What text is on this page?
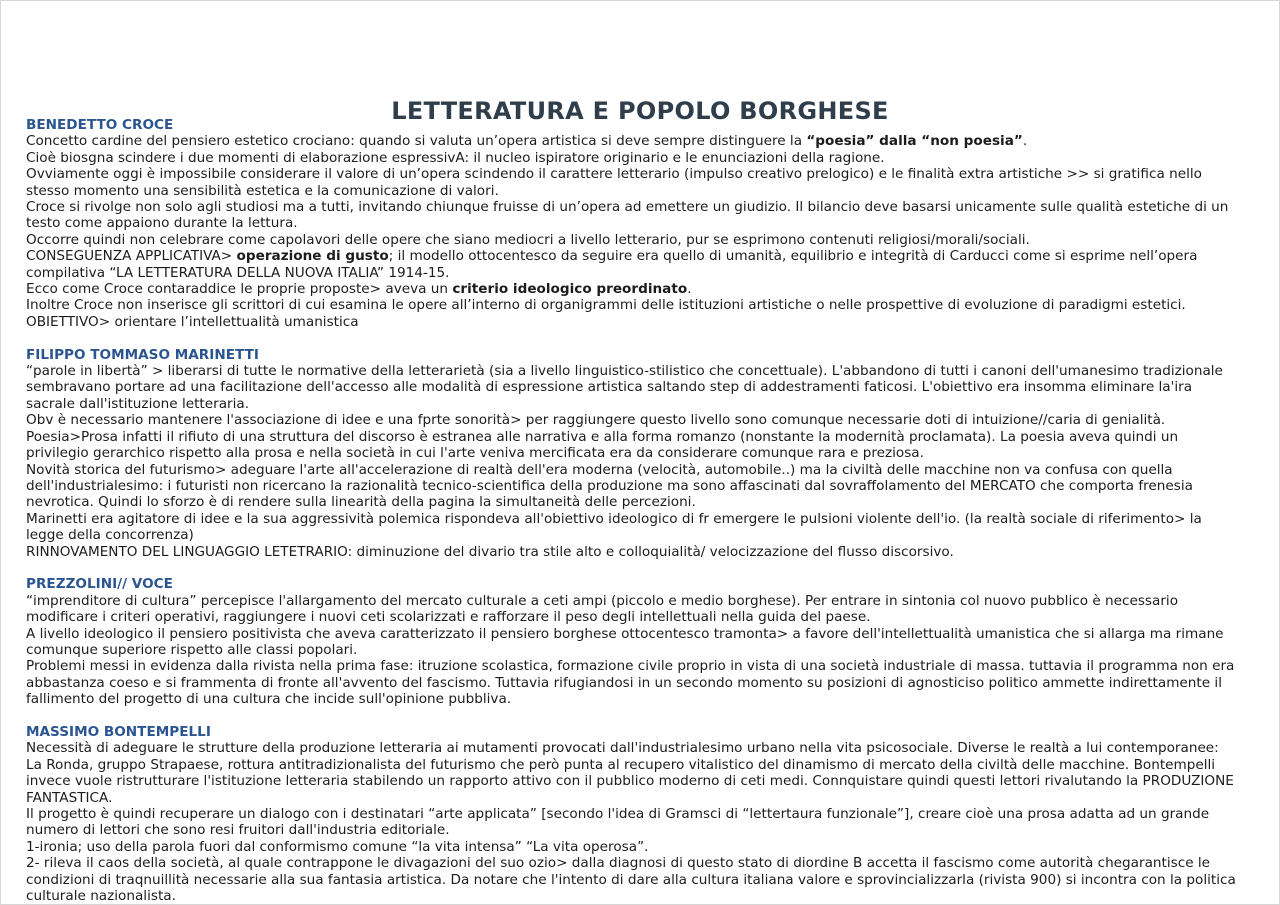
LETTERATURA E POPOLO BORGHESE
BENEDETTO CROCE

Concetto cardine del pensiero estetico crociano: quando si valuta un’opera artistica si deve sempre distinguere la “poesia” dalla “non poesia”.

Cioè biosgna scindere i due momenti di elaborazione espressivA: il nucleo ispiratore originario e le enunciazioni della ragione.

Ovviamente oggi è impossibile considerare il valore di un’opera scindendo il carattere letterario (impulso creativo prelogico) e le finalità extra artistiche >> si gratifica nello stesso momento una sensibilità estetica e la comunicazione di valori.

Croce si rivolge non solo agli studiosi ma a tutti, invitando chiunque fruisse di un’opera ad emettere un giudizio. Il bilancio deve basarsi unicamente sulle qualità estetiche di un testo come appaiono durante la lettura.

Occorre quindi non celebrare come capolavori delle opere che siano mediocri a livello letterario, pur se esprimono contenuti religiosi/morali/sociali.

CONSEGUENZA APPLICATIVA> operazione di gusto; il modello ottocentesco da seguire era quello di umanità, equilibrio e integrità di Carducci come si esprime nell’opera compilativa “LA LETTERATURA DELLA NUOVA ITALIA” 1914-15.

Ecco come Croce contaraddice le proprie proposte> aveva un criterio ideologico preordinato.

Inoltre Croce non inserisce gli scrittori di cui esamina le opere all’interno di organigrammi delle istituzioni artistiche o nelle prospettive di evoluzione di paradigmi estetici.

OBIETTIVO> orientare l’intellettualità umanistica

FILIPPO TOMMASO MARINETTI

“parole in libertà” > liberarsi di tutte le normative della letterarietà (sia a livello linguistico-stilistico che concettuale). L'abbandono di tutti i canoni dell'umanesimo tradizionale sembravano portare ad una facilitazione dell'accesso alle modalità di espressione artistica saltando step di addestramenti faticosi. L'obiettivo era insomma eliminare la'ira sacrale dall'istituzione letteraria.

Obv è necessario mantenere l'associazione di idee e una fprte sonorità> per raggiungere questo livello sono comunque necessarie doti di intuizione//caria di genialità.

Poesia>Prosa infatti il rifiuto di una struttura del discorso è estranea alle narrativa e alla forma romanzo (nonstante la modernità proclamata). La poesia aveva quindi un privilegio gerarchico rispetto alla prosa e nella società in cui l'arte veniva mercificata era da considerare comunque rara e preziosa.

Novità storica del futurismo> adeguare l'arte all'accelerazione di realtà dell'era moderna (velocità, automobile..) ma la civiltà delle macchine non va confusa con quella dell'industrialesimo: i futuristi non ricercano la razionalità tecnico-scientifica della produzione ma sono affascinati dal sovraffolamento del MERCATO che comporta frenesia nevrotica. Quindi lo sforzo è di rendere sulla linearità della pagina la simultaneità delle percezioni.

Marinetti era agitatore di idee e la sua aggressività polemica rispondeva all'obiettivo ideologico di fr emergere le pulsioni violente dell'io. (la realtà sociale di riferimento> la legge della concorrenza)

RINNOVAMENTO DEL LINGUAGGIO LETETRARIO: diminuzione del divario tra stile alto e colloquialità/ velocizzazione del flusso discorsivo.

PREZZOLINI// VOCE

“imprenditore di cultura” percepisce l'allargamento del mercato culturale a ceti ampi (piccolo e medio borghese). Per entrare in sintonia col nuovo pubblico è necessario modificare i criteri operativi, raggiungere i nuovi ceti scolarizzati e rafforzare il peso degli intellettuali nella guida del paese.

A livello ideologico il pensiero positivista che aveva caratterizzato il pensiero borghese ottocentesco tramonta> a favore dell'intellettualità umanistica che si allarga ma rimane comunque superiore rispetto alle classi popolari.

Problemi messi in evidenza dalla rivista nella prima fase: itruzione scolastica, formazione civile proprio in vista di una società industriale di massa. tuttavia il programma non era abbastanza coeso e si frammenta di fronte all'avvento del fascismo. Tuttavia rifugiandosi in un secondo momento su posizioni di agnosticiso politico ammette indirettamente il fallimento del progetto di una cultura che incide sull'opinione pubbliva.

MASSIMO BONTEMPELLI

Necessità di adeguare le strutture della produzione letteraria ai mutamenti provocati dall'industrialesimo urbano nella vita psicosociale. Diverse le realtà a lui contemporanee: La Ronda, gruppo Strapaese, rottura antitradizionalista del futurismo che però punta al recupero vitalistico del dinamismo di mercato della civiltà delle macchine. Bontempelli invece vuole ristrutturare l'istituzione letteraria stabilendo un rapporto attivo con il pubblico moderno di ceti medi. Connquistare quindi questi lettori rivalutando la PRODUZIONE FANTASTICA.

Il progetto è quindi recuperare un dialogo con i destinatari “arte applicata” [secondo l'idea di Gramsci di “lettertaura funzionale”], creare cioè una prosa adatta ad un grande numero di lettori che sono resi fruitori dall'industria editoriale.

1-ironia; uso della parola fuori dal conformismo comune “la vita intensa” “La vita operosa”.

2- rileva il caos della società, al quale contrappone le divagazioni del suo ozio> dalla diagnosi di questo stato di diordine B accetta il fascismo come autorità chegarantisce le condizioni di traqnuillità necessarie alla sua fantasia artistica. Da notare che l'intento di dare alla cultura italiana valore e sprovincializzarla (rivista 900) si incontra con la politica culturale nazionalista.
